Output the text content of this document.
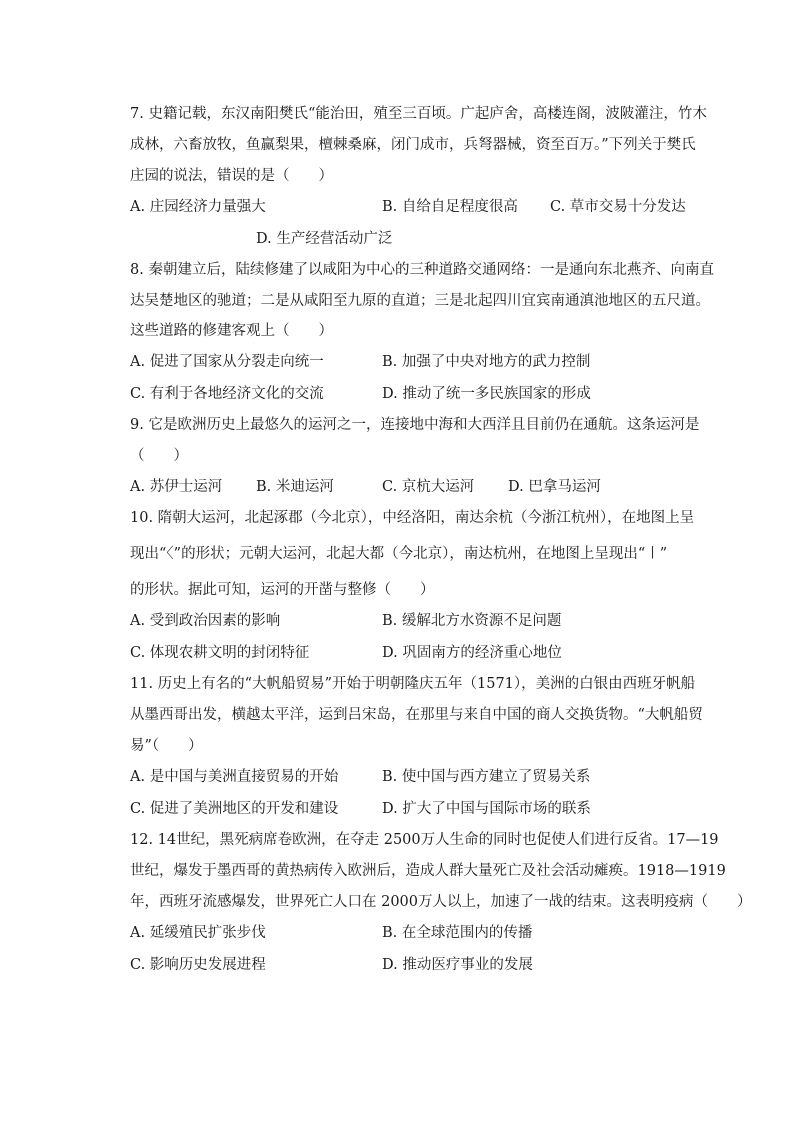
7. 史籍记载，东汉南阳樊氏“能治田，殖至三百顷。广起庐舍，高楼连阁，波陂灌注，竹木
成林，六畜放牧，鱼赢梨果，檀棘桑麻，闭门成市，兵弩器械，资至百万。”下列关于樊氏
庄园的说法，错误的是（　　）
A. 庄园经济力量强大	B. 自给自足程度很高 C. 草市交易十分发达
D. 生产经营活动广泛
8. 秦朝建立后，陆续修建了以咸阳为中心的三种道路交通网络：一是通向东北燕齐、向南直
达吴楚地区的驰道；二是从咸阳至九原的直道；三是北起四川宜宾南通滇池地区的五尺道。
这些道路的修建客观上（　　）
A. 促进了国家从分裂走向统一	B. 加强了中央对地方的武力控制
C. 有利于各地经济文化的交流	D. 推动了统一多民族国家的形成
9. 它是欧洲历史上最悠久的运河之一，连接地中海和大西洋且目前仍在通航。这条运河是
（　　）
A. 苏伊士运河 B. 米迪运河	C. 京杭大运河 D. 巴拿马运河
10. 隋朝大运河，北起涿郡（今北京），中经洛阳，南达余杭（今浙江杭州），在地图上呈
现出“〈”的形状；元朝大运河，北起大都（今北京），南达杭州，在地图上呈现出“〡”
的形状。据此可知，运河的开凿与整修（　　）
A. 受到政治因素的影响	B. 缓解北方水资源不足问题
C. 体现农耕文明的封闭特征	D. 巩固南方的经济重心地位
11. 历史上有名的“大帆船贸易”开始于明朝隆庆五年（1571），美洲的白银由西班牙帆船
从墨西哥出发，横越太平洋，运到吕宋岛，在那里与来自中国的商人交换货物。“大帆船贸
易”（　　）
A. 是中国与美洲直接贸易的开始	B. 使中国与西方建立了贸易关系
C. 促进了美洲地区的开发和建设	D. 扩大了中国与国际市场的联系
12. 14世纪，黑死病席卷欧洲，在夺走 2500万人生命的同时也促使人们进行反省。17—19
世纪，爆发于墨西哥的黄热病传入欧洲后，造成人群大量死亡及社会活动瘫痪。1918—1919
年，西班牙流感爆发，世界死亡人口在 2000万人以上，加速了一战的结束。这表明疫病（　　）
A. 延缓殖民扩张步伐	B. 在全球范围内的传播
C. 影响历史发展进程	D. 推动医疗事业的发展
